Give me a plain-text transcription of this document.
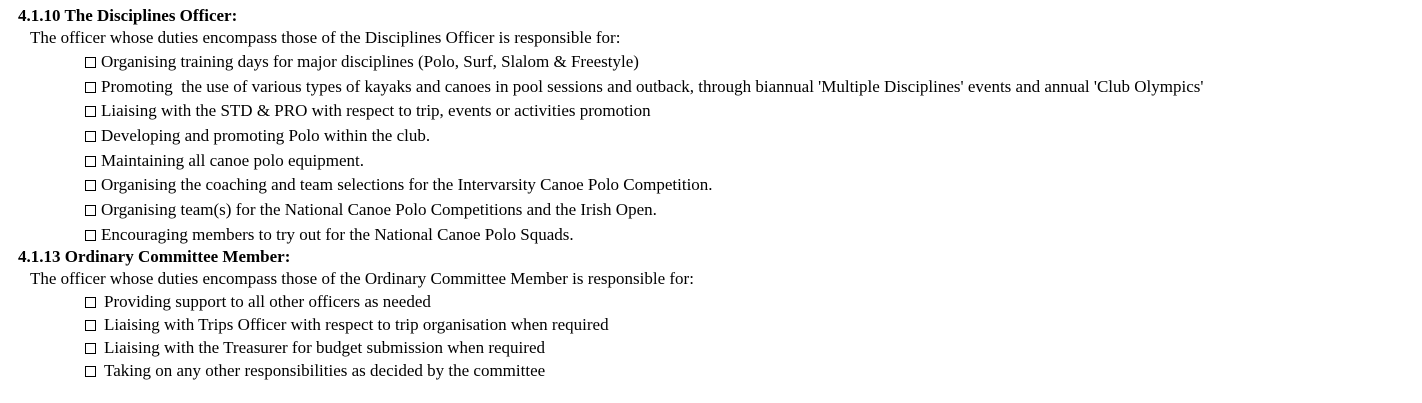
4.1.10 The Disciplines Officer:
The officer whose duties encompass those of the Disciplines Officer is responsible for:
Organising training days for major disciplines (Polo, Surf, Slalom & Freestyle)
Promoting  the use of various types of kayaks and canoes in pool sessions and outback, through biannual 'Multiple Disciplines' events and annual 'Club Olympics'
Liaising with the STD & PRO with respect to trip, events or activities promotion
Developing and promoting Polo within the club.
Maintaining all canoe polo equipment.
Organising the coaching and team selections for the Intervarsity Canoe Polo Competition.
Organising team(s) for the National Canoe Polo Competitions and the Irish Open.
Encouraging members to try out for the National Canoe Polo Squads.
4.1.13 Ordinary Committee Member:
The officer whose duties encompass those of the Ordinary Committee Member is responsible for:
Providing support to all other officers as needed
Liaising with Trips Officer with respect to trip organisation when required
Liaising with the Treasurer for budget submission when required
Taking on any other responsibilities as decided by the committee
